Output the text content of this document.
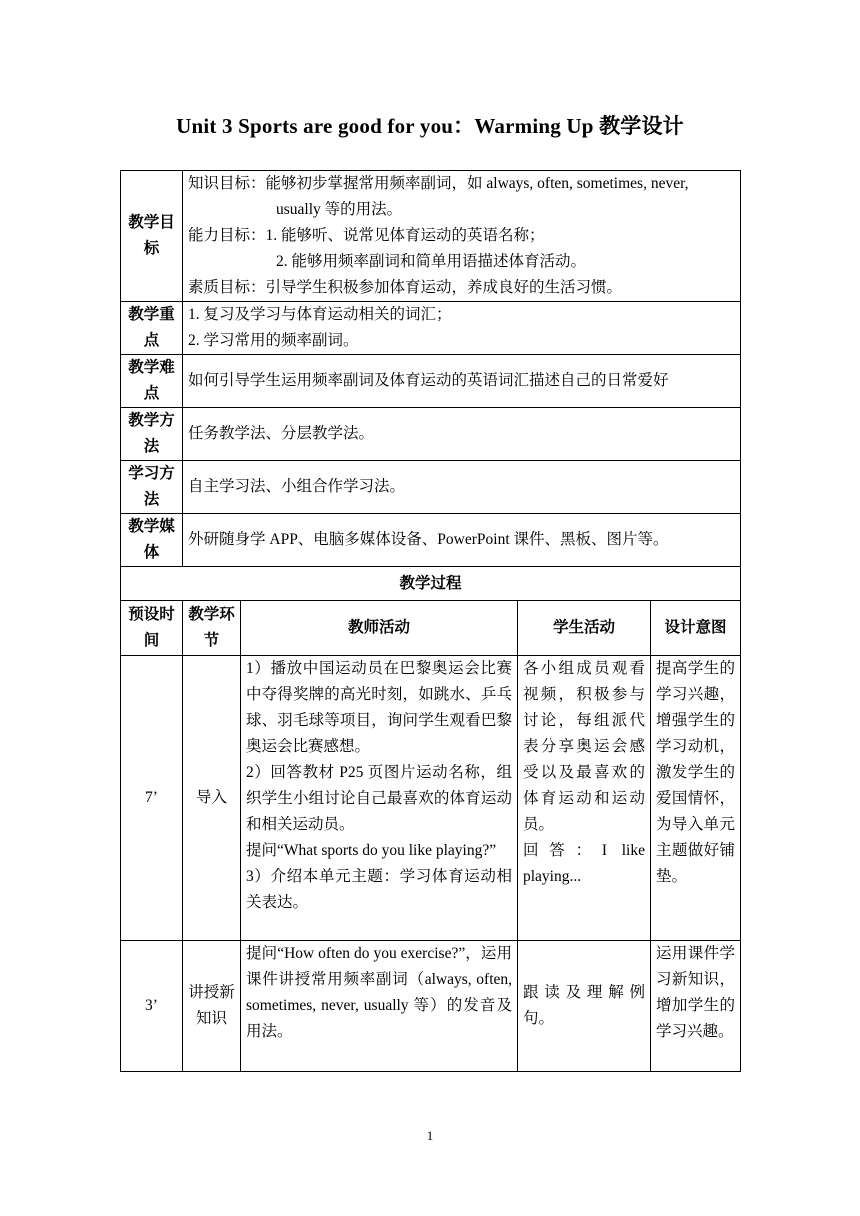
Unit 3 Sports are good for you：Warming Up 教学设计
教学目标	知识目标：能够初步掌握常用频率副词，如 always, often, sometimes, never,
usually 等的用法。
能力目标：1. 能够听、说常见体育运动的英语名称；
2. 能够用频率副词和简单用语描述体育活动。
素质目标：引导学生积极参加体育运动，养成良好的生活习惯。			

教学重点	1. 复习及学习与体育运动相关的词汇；
2. 学习常用的频率副词。			

教学难点	如何引导学生运用频率副词及体育运动的英语词汇描述自己的日常爱好			
教学方法	任务教学法、分层教学法。			
学习方法	自主学习法、小组合作学习法。			
教学媒体	外研随身学 APP、电脑多媒体设备、PowerPoint 课件、黑板、图片等。			
教学过程				
预设时间	教学环节	教师活动	学生活动	设计意图
7’	导入	1）播放中国运动员在巴黎奥运会比赛中夺得奖牌的高光时刻，如跳水、乒乓球、羽毛球等项目，询问学生观看巴黎奥运会比赛感想。
2）回答教材 P25 页图片运动名称，组织学生小组讨论自己最喜欢的体育运动和相关运动员。
提问“What sports do you like playing?”
3）介绍本单元主题：学习体育运动相关表达。	各小组成员观看视频，积极参与讨论，每组派代表分享奥运会感受以及最喜欢的体育运动和运动员。
回答：I like playing...	提高学生的学习兴趣，增强学生的学习动机，激发学生的爱国情怀，为导入单元主题做好铺垫。
3’	讲授新知识	提问“How often do you exercise?”，运用课件讲授常用频率副词（always, often, sometimes, never, usually 等）的发音及用法。	跟读及理解例句。	运用课件学习新知识，增加学生的学习兴趣。
1
